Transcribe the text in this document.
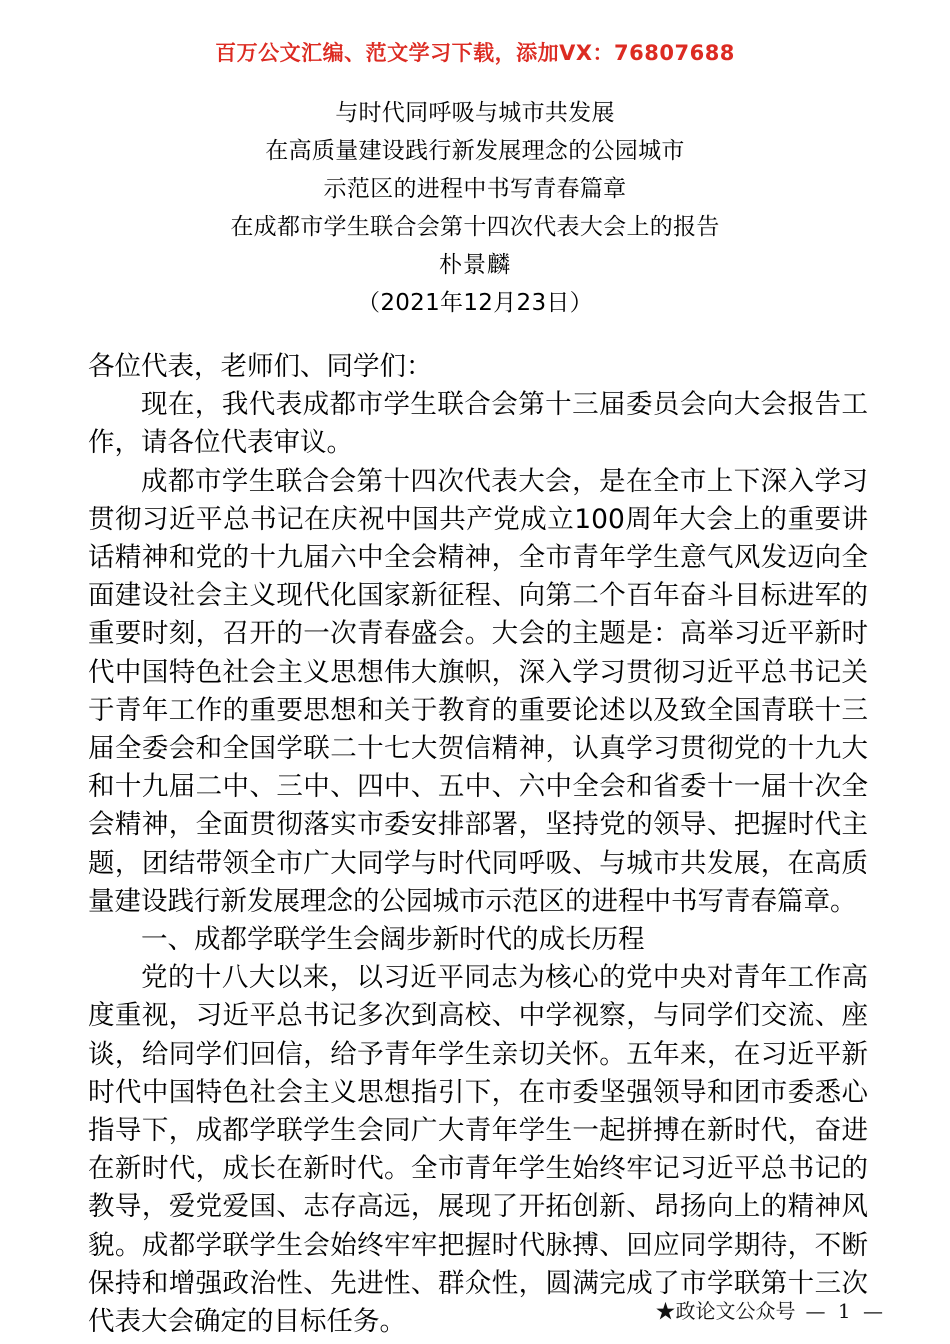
百万公文汇编、范文学习下载，添加VX：76807688
与时代同呼吸与城市共发展
在高质量建设践行新发展理念的公园城市
示范区的进程中书写青春篇章
在成都市学生联合会第十四次代表大会上的报告
朴景麟
（2021年12月23日）

各位代表，老师们、同学们：

现在，我代表成都市学生联合会第十三届委员会向大会报告工作，请各位代表审议。

成都市学生联合会第十四次代表大会，是在全市上下深入学习贯彻习近平总书记在庆祝中国共产党成立100周年大会上的重要讲话精神和党的十九届六中全会精神，全市青年学生意气风发迈向全面建设社会主义现代化国家新征程、向第二个百年奋斗目标进军的重要时刻，召开的一次青春盛会。大会的主题是：高举习近平新时代中国特色社会主义思想伟大旗帜，深入学习贯彻习近平总书记关于青年工作的重要思想和关于教育的重要论述以及致全国青联十三届全委会和全国学联二十七大贺信精神，认真学习贯彻党的十九大和十九届二中、三中、四中、五中、六中全会和省委十一届十次全会精神，全面贯彻落实市委安排部署，坚持党的领导、把握时代主题，团结带领全市广大同学与时代同呼吸、与城市共发展，在高质量建设践行新发展理念的公园城市示范区的进程中书写青春篇章。

一、成都学联学生会阔步新时代的成长历程

党的十八大以来，以习近平同志为核心的党中央对青年工作高度重视，习近平总书记多次到高校、中学视察，与同学们交流、座谈，给同学们回信，给予青年学生亲切关怀。五年来，在习近平新时代中国特色社会主义思想指引下，在市委坚强领导和团市委悉心指导下，成都学联学生会同广大青年学生一起拼搏在新时代，奋进在新时代，成长在新时代。全市青年学生始终牢记习近平总书记的教导，爱党爱国、志存高远，展现了开拓创新、昂扬向上的精神风貌。成都学联学生会始终牢牢把握时代脉搏、回应同学期待，不断保持和增强政治性、先进性、群众性，圆满完成了市学联第十三次代表大会确定的目标任务。	★政论文公众号 — 1 —
